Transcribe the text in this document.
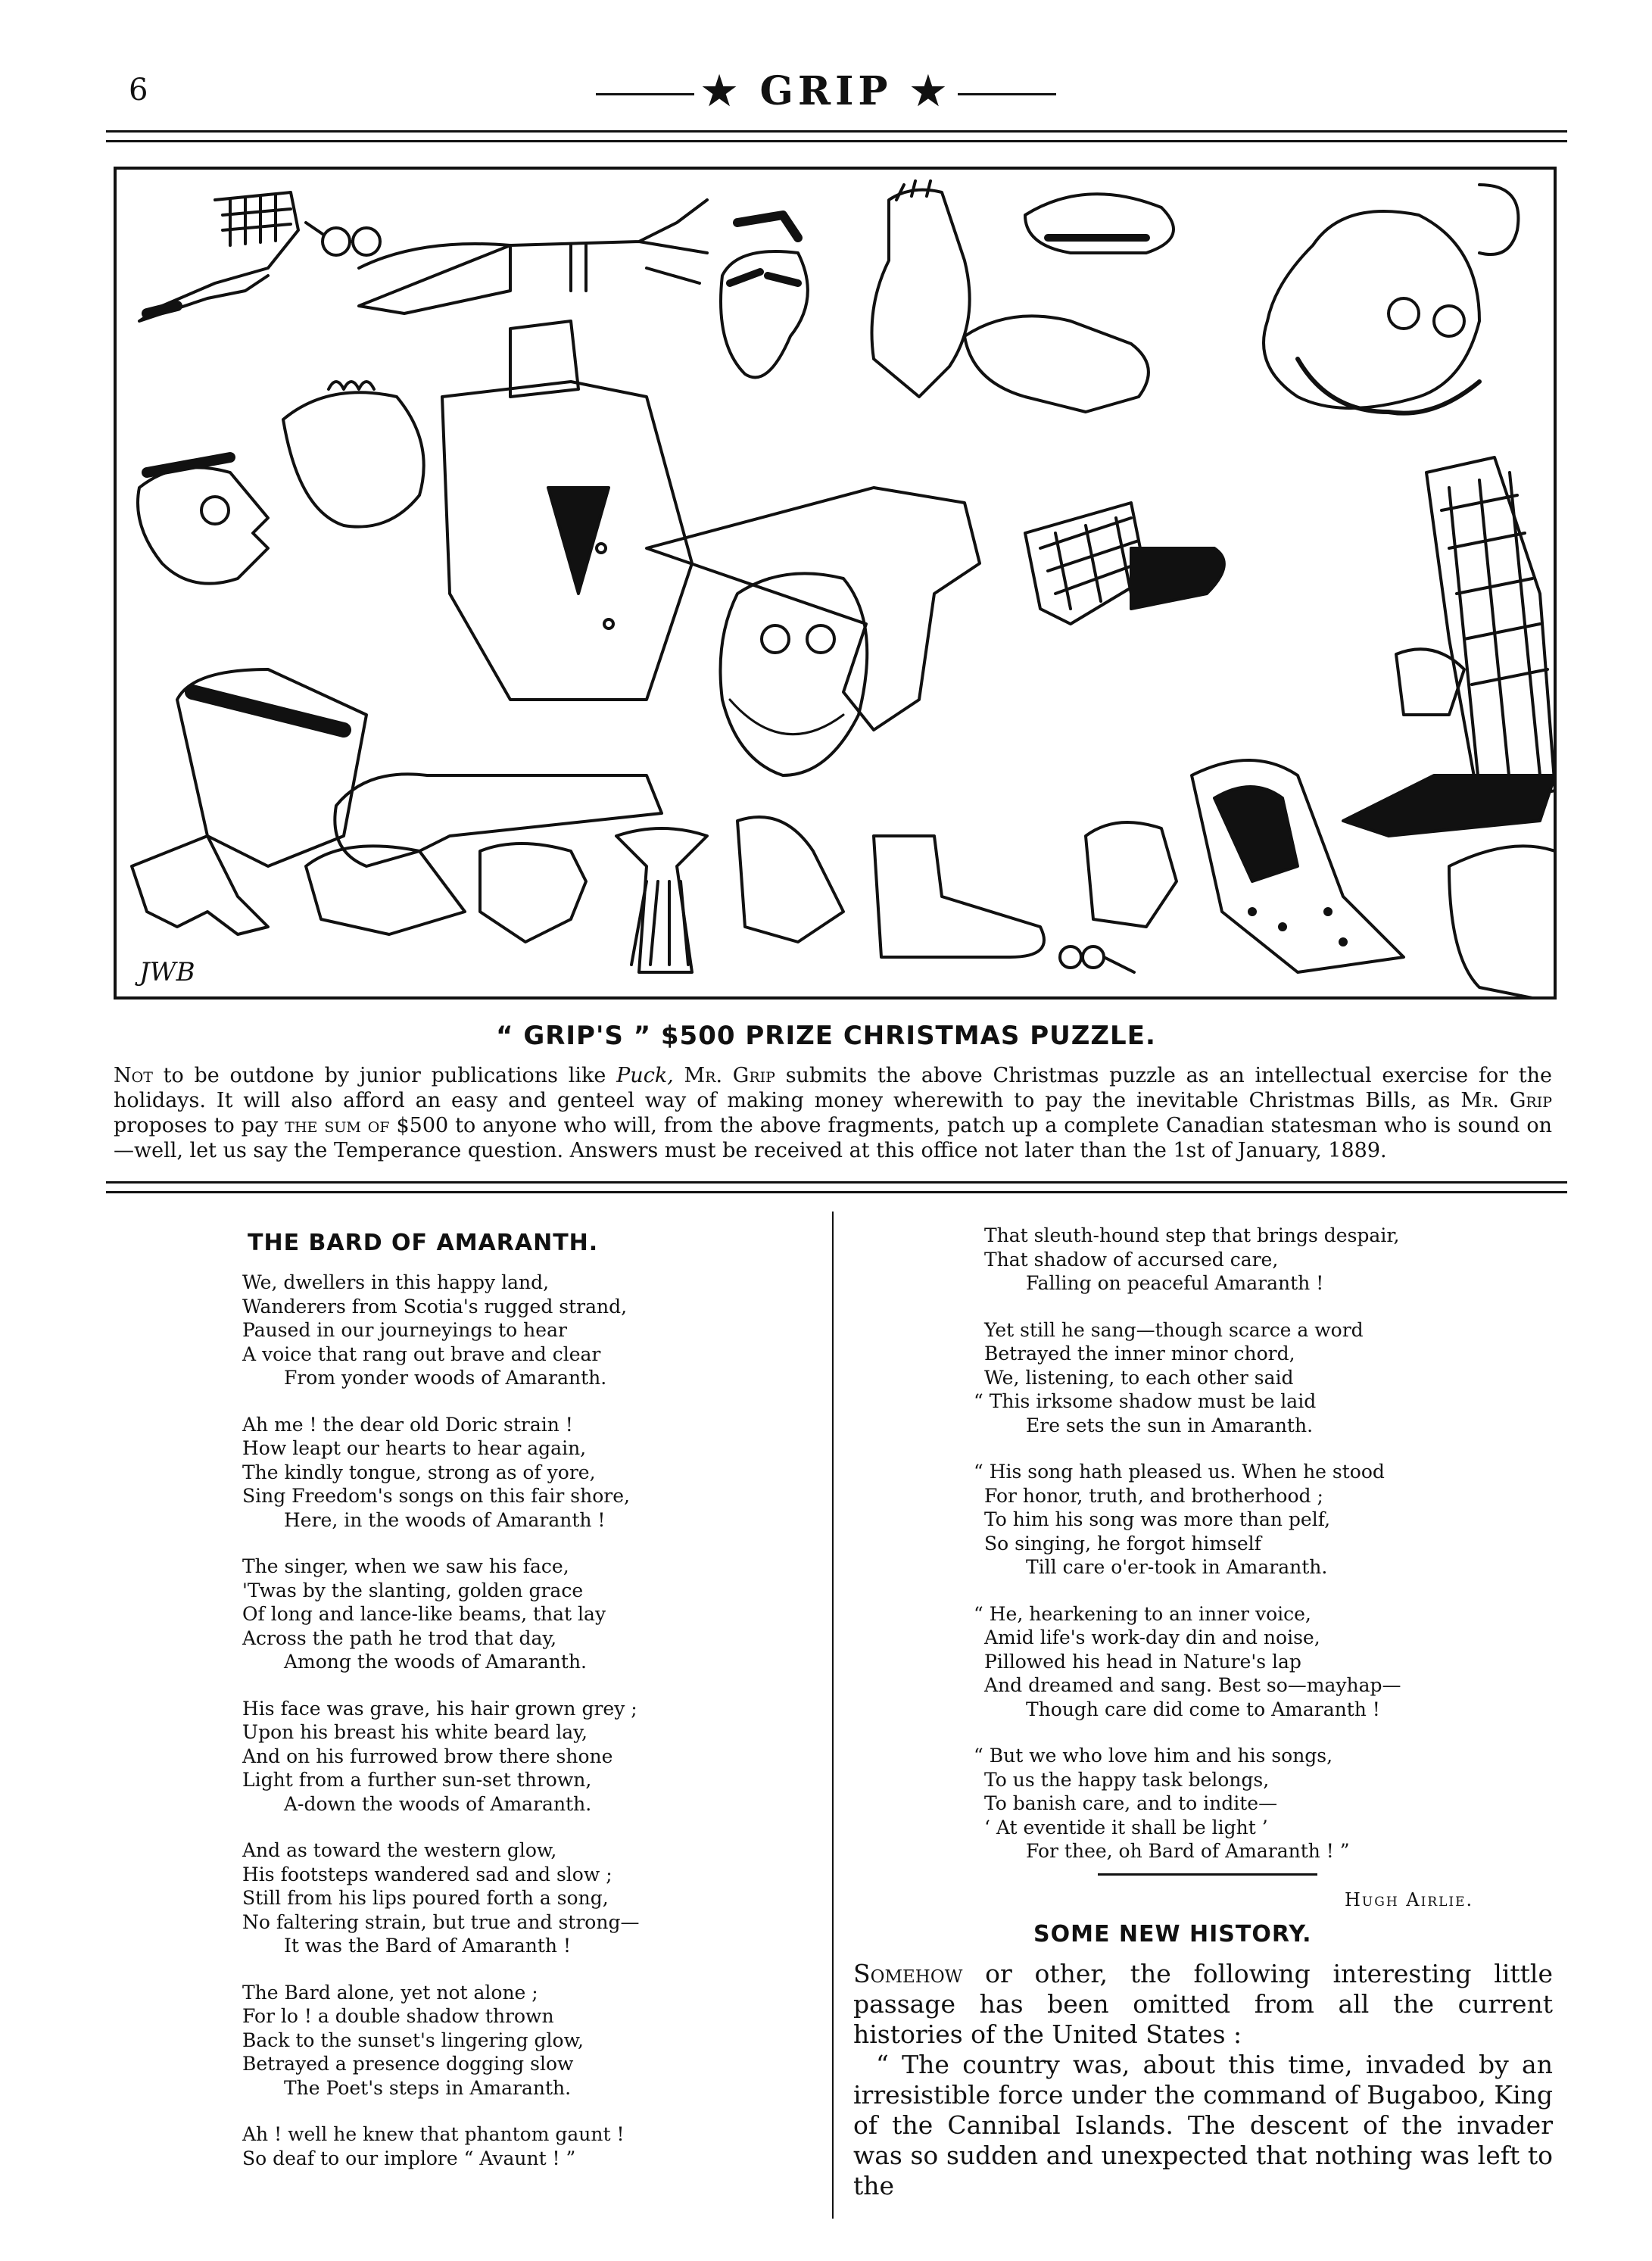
6	★ GRIP ★
JWB
“ GRIP'S ” $500 PRIZE CHRISTMAS PUZZLE.
Not to be outdone by junior publications like Puck, Mr. Grip submits the above Christmas puzzle as an intellectual exercise for the holidays. It will also afford an easy and genteel way of making money wherewith to pay the inevitable Christmas Bills, as Mr. Grip proposes to pay the sum of $500 to anyone who will, from the above fragments, patch up a complete Canadian statesman who is sound on—well, let us say the Temperance question. Answers must be received at this office not later than the 1st of January, 1889.
THE BARD OF AMARANTH.
We, dwellers in this happy land,
Wanderers from Scotia's rugged strand,
Paused in our journeyings to hear
A voice that rang out brave and clear
From yonder woods of Amaranth.
Ah me ! the dear old Doric strain !
How leapt our hearts to hear again,
The kindly tongue, strong as of yore,
Sing Freedom's songs on this fair shore,
Here, in the woods of Amaranth !
The singer, when we saw his face,
'Twas by the slanting, golden grace
Of long and lance-like beams, that lay
Across the path he trod that day,
Among the woods of Amaranth.
His face was grave, his hair grown grey ;
Upon his breast his white beard lay,
And on his furrowed brow there shone
Light from a further sun-set thrown,
A-down the woods of Amaranth.
And as toward the western glow,
His footsteps wandered sad and slow ;
Still from his lips poured forth a song,
No faltering strain, but true and strong—
It was the Bard of Amaranth !
The Bard alone, yet not alone ;
For lo ! a double shadow thrown
Back to the sunset's lingering glow,
Betrayed a presence dogging slow
The Poet's steps in Amaranth.
Ah ! well he knew that phantom gaunt !
So deaf to our implore “ Avaunt ! ”
That sleuth-hound step that brings despair,
That shadow of accursed care,
Falling on peaceful Amaranth !
Yet still he sang—though scarce a word
Betrayed the inner minor chord,
We, listening, to each other said
“ This irksome shadow must be laid
Ere sets the sun in Amaranth.
“ His song hath pleased us. When he stood
For honor, truth, and brotherhood ;
To him his song was more than pelf,
So singing, he forgot himself
Till care o'er-took in Amaranth.
“ He, hearkening to an inner voice,
Amid life's work-day din and noise,
Pillowed his head in Nature's lap
And dreamed and sang. Best so—mayhap—
Though care did come to Amaranth !
“ But we who love him and his songs,
To us the happy task belongs,
To banish care, and to indite—
‘ At eventide it shall be light ’
For thee, oh Bard of Amaranth ! ”
Hugh Airlie.
SOME NEW HISTORY.

Somehow or other, the following interesting little passage has been omitted from all the current histories of the United States :

“ The country was, about this time, invaded by an irresistible force under the command of Bugaboo, King of the Cannibal Islands. The descent of the invader was so sudden and unexpected that nothing was left to the
